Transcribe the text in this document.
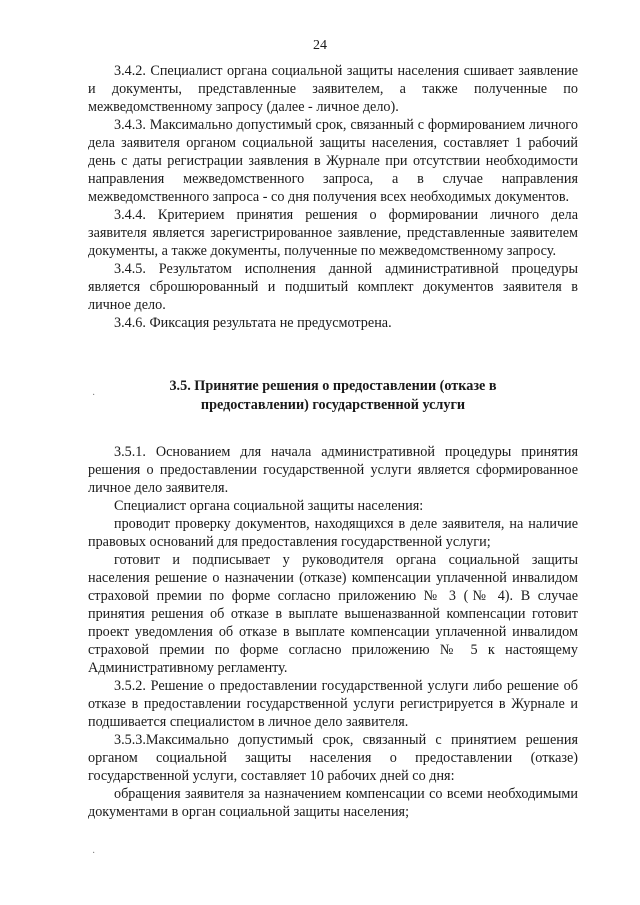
24

3.4.2. Специалист органа социальной защиты населения сшивает заявление и документы, представленные заявителем, а также полученные по межведомственному запросу (далее - личное дело).

3.4.3. Максимально допустимый срок, связанный с формированием личного дела заявителя органом социальной защиты населения, составляет 1 рабочий день с даты регистрации заявления в Журнале при отсутствии необходимости направления межведомственного запроса, а в случае направления межведомственного запроса - со дня получения всех необходимых документов.

3.4.4. Критерием принятия решения о формировании личного дела заявителя является зарегистрированное заявление, представленные заявителем документы, а также документы, полученные по межведомственному запросу.

3.4.5. Результатом исполнения данной административной процедуры является сброшюрованный и подшитый комплект документов заявителя в личное дело.

3.4.6. Фиксация результата не предусмотрена.

3.5. Принятие решения о предоставлении (отказе в
предоставлении) государственной услуги

3.5.1. Основанием для начала административной процедуры принятия решения о предоставлении государственной услуги является сформированное личное дело заявителя.

Специалист органа социальной защиты населения:

проводит проверку документов, находящихся в деле заявителя, на наличие правовых оснований для предоставления государственной услуги;

готовит и подписывает у руководителя органа социальной защиты населения решение о назначении (отказе) компенсации уплаченной инвалидом страховой премии по форме согласно приложению № 3 (№ 4). В случае принятия решения об отказе в выплате вышеназванной компенсации готовит проект уведомления об отказе в выплате компенсации уплаченной инвалидом страховой премии по форме согласно приложению № 5 к настоящему Административному регламенту.

3.5.2. Решение о предоставлении государственной услуги либо решение об отказе в предоставлении государственной услуги регистрируется в Журнале и подшивается специалистом в личное дело заявителя.

3.5.3.Максимально допустимый срок, связанный с принятием решения органом социальной защиты населения о предоставлении (отказе) государственной услуги, составляет 10 рабочих дней со дня:

обращения заявителя за назначением компенсации со всеми необходимыми документами в орган социальной защиты населения;

·
·
